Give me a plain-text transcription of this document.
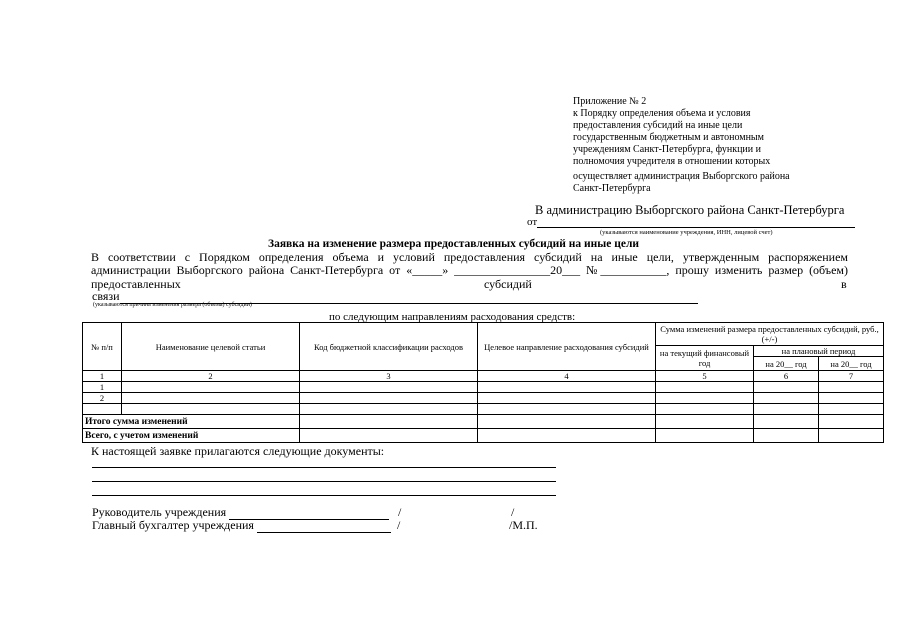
Приложение № 2
к Порядку определения объема и условия
предоставления субсидий на иные цели
государственным бюджетным и автономным
учреждениям Санкт-Петербурга, функции и
полномочия учредителя в отношении которых
осуществляет администрация Выборгского района
Санкт-Петербурга
В администрацию Выборгского района Санкт-Петербурга
от
(указываются наименование учреждения, ИНН, лицевой счет)
Заявка на изменение размера предоставленных субсидий на иные цели
В соответствии с Порядком определения объема и условий предоставления субсидий на иные цели, утвержденным распоряжением
администрации Выборгского района Санкт-Петербурга от «_____» ________________20___ №___________, прошу изменить размер (объем)
предоставленных	субсидий	в
связи
(указываются причина изменения размера (объема) субсидии)
по следующим направлениям расходования средств:
№ п/п	Наименование целевой статьи	Код бюджетной классификации расходов	Целевое направление расходования субсидий	Сумма изменений размера предоставленных субсидий, руб., (+/-)		
				на текущий финансовый год	на плановый период	
					на 20__ год	на 20__ год
1	2	3	4	5	6	7
1						
2						

Итого сумма изменений						
Всего, с учетом изменений						
К настоящей заявке прилагаются следующие документы:
Руководитель учреждения	/	/
Главный бухгалтер учреждения	/	/М.П.
